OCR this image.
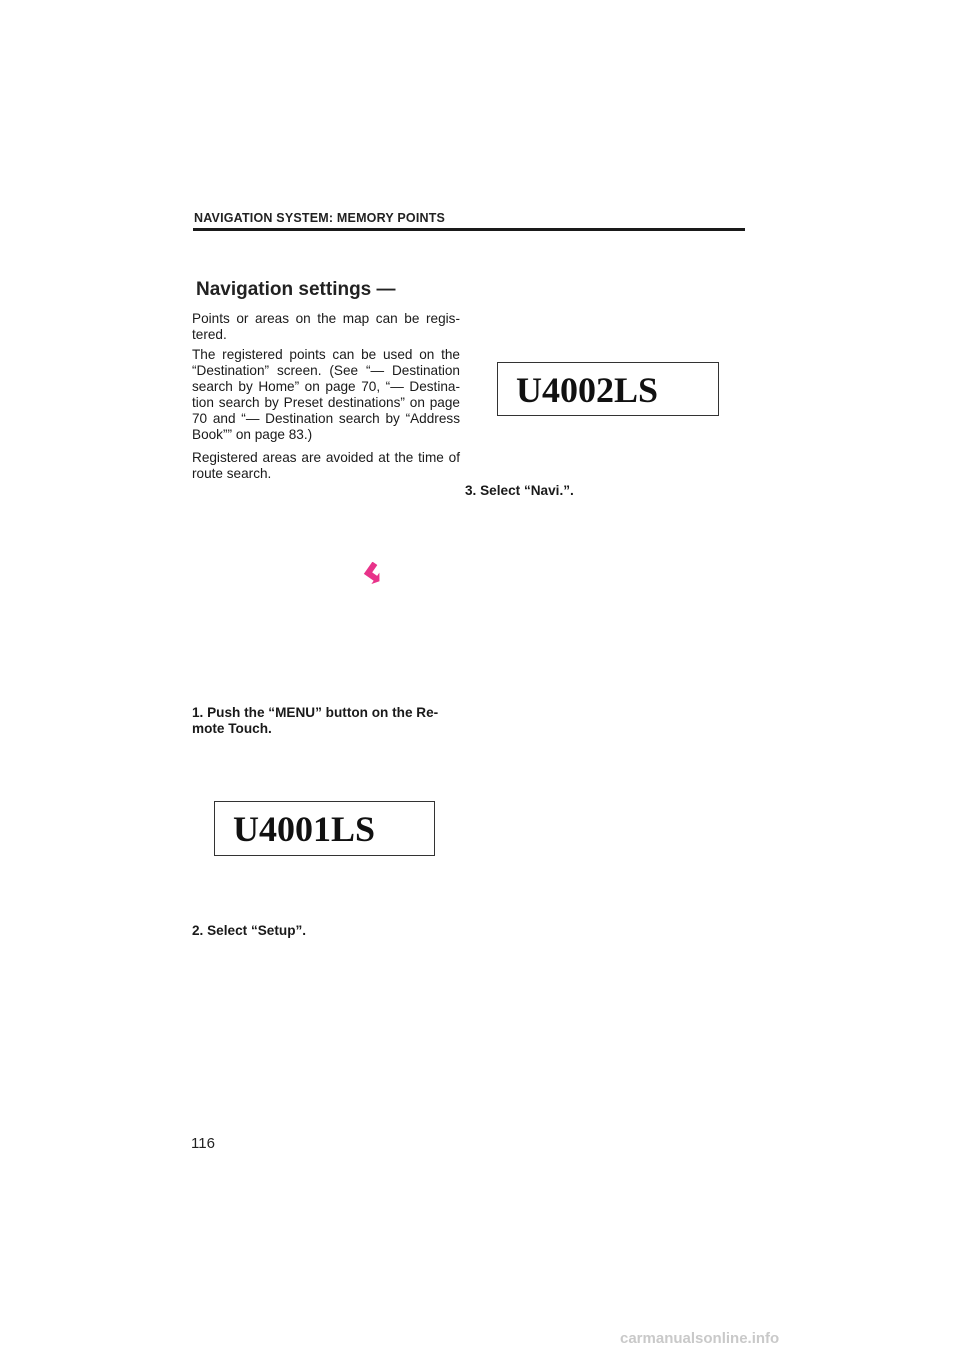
NAVIGATION SYSTEM: MEMORY POINTS
Navigation settings —
Points or areas on the map can be regis-tered.
The registered points can be used on the “Destination” screen. (See “— Destination search by Home” on page 70, “— Destina-tion search by Preset destinations” on page 70 and “— Destination search by “Address Book”” on page 83.)
Registered areas are avoided at the time of route search.
1. Push the “MENU” button on the Re-mote Touch.
U4001LS
2. Select “Setup”.
U4002LS
3. Select “Navi.”.
116
carmanualsonline.info
